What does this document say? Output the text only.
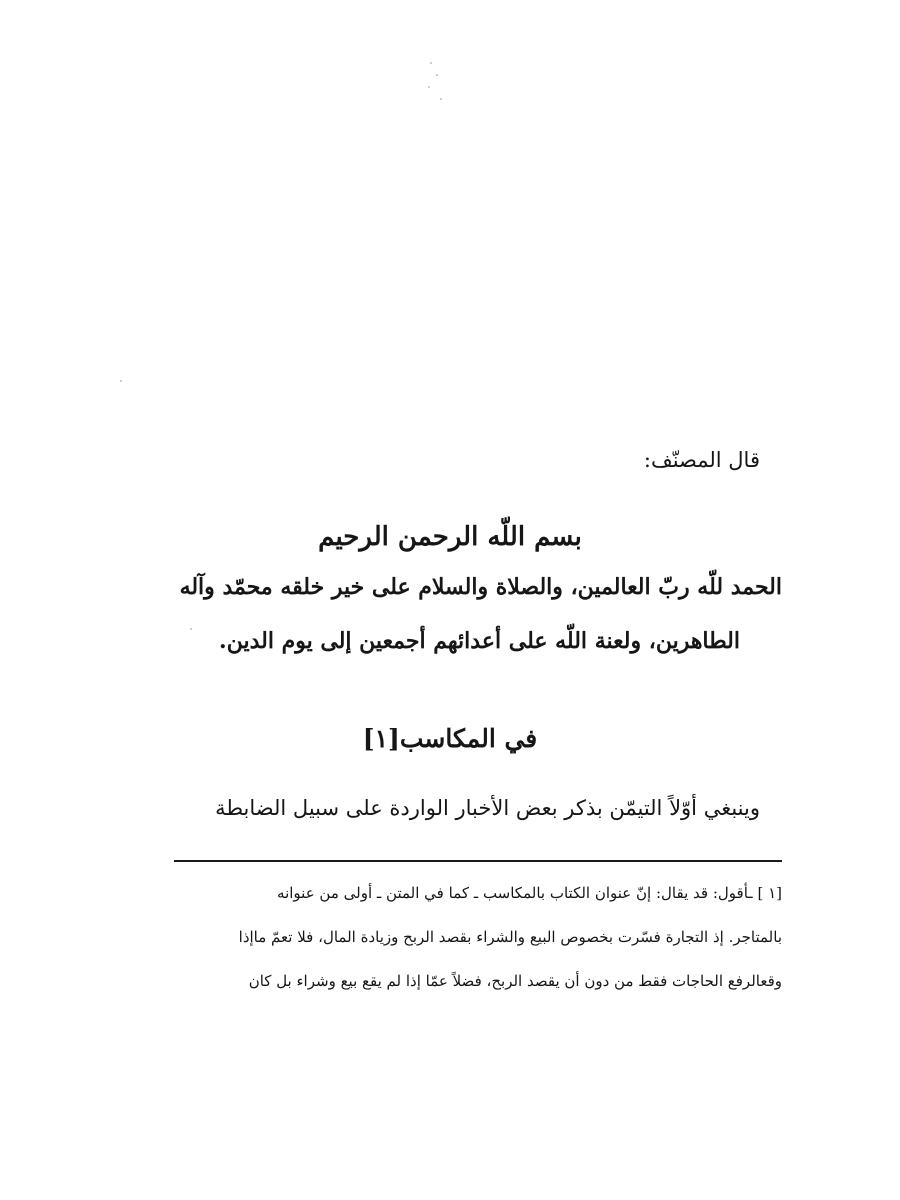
قال المصنّف:
بسم اللّه الرحمن الرحيم
الحمد للّه ربّ العالمين، والصلاة والسلام على خير خلقه محمّد وآله
الطاهرين، ولعنة اللّه على أعدائهم أجمعين إلى يوم الدين.
في المكاسب[١]
وينبغي أوّلاً التيمّن بذكر بعض الأخبار الواردة على سبيل الضابطة
[١ ] ـأقول: قد يقال: إنّ عنوان الكتاب بالمكاسب ـ كما في المتن ـ أولى من عنوانه
بالمتاجر. إذ التجارة فسّرت بخصوص البيع والشراء بقصد الربح وزيادة المال، فلا تعمّ ماإذا
وقعالرفع الحاجات فقط من دون أن يقصد الربح، فضلاً عمّا إذا لم يقع بيع وشراء بل كان
